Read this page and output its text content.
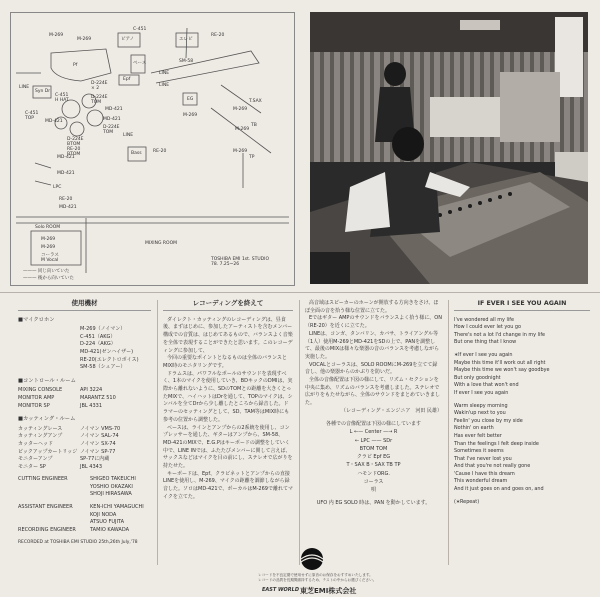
M-269
M-269	ピアノ
C-451
エレピ
RE-20
Pf	ベース
LINE
SM-58
Syn Dr
LINE
C-451
H HAT
D-224E
× 2
D-224E
TOM
MD-421
C-451
TOP
MD-421	MD-421
D-224E
TOM
D-224E
BTOM
RE-20
BTOM
Epf
LINE
EG
M-269
T.SAX
M-269
TB
M-269
LINE
Bass	RE-20	M-269
TP
MD-421
MD-421
LPC
RE-20
MD-421
Solo ROOM
M-269
M-269
コーラス
M Vocal
MIXING ROOM
——— 同じ向いていた
——— 後から向いていた
TOSHIBA EMI 1st. STUDIO
78. 7.25~26
使用機材
■マイクロホン
M-269（ノイマン）
C-451（AKG）
D-224（AKG）
MD-421(ゼンハイザー)
RE-20(エレクトロボイス)
SM-58（シュアー）
■コントロール・ルーム
MIXING CONSOLE	API 3224
MONITOR AMP	MARANTZ 510
MONITOR SP	JBL 4331
■カッティング・ルーム
カッティングレース	ノイマン VMS-70
カッティングアンプ	ノイマン SAL-74
カッターヘッド	ノイマン SX-74
ピックアップカートリッジ ノイマン SP-77
モニターアンプ	SP-77に内蔵
モニター SP	JBL 4343
CUTTING ENGINEER	SHIGEO TAKEUCHI
YOSHIO OKAZAKI
SHOJI HIRASAWA
ASSISTANT ENGINEER	KEN-ICHI YAMAGUCHI
KOJI NODA
ATSUO FUJITA
RECORDING ENGINEER	TAMIO KAWADA
RECORDED at TOSHIBA EMI STUDIO 25th,26th July,'78
レコーディングを終えて
ダイレクト・カッティングのレコーディングは、昼食後、まずはじめに、参加したアーティストを含むメンバー構成での音質は、はじめてあるもので、バランスよく音楽を全体で表現することができたと思います。このレコーディングに参加して、
今回の重要なポイントとなるものは全体のバランスとMIX時のモニタリングです。
ドラムスは、パワフルなボールのサウンドを表現すべく、1本のマイクを使用していき、BDキックのDMIは、実際から離れないように、SDのTOMとの距離を大きくとったMIXで、ハイハットはDrを通して、TOPのマイクは、シンバルを全てDrから少し離したところから録音した。ドラマーのセッティングとして、SD、TAM等はMIX時にも参考の位置から調整した。
ベースは、ラインとアンプからの2系統を使用し、コンプレッサーを通した、ギターはアンプから、SM-58、MD-421のMIXで、E.G.Pはキーボードの調整をしていく中で、LINE INでは、ふたたびメンバーに関して言えば、サックスなどはマイクを目の前にし、ステレオで広がりを持たせた。
キーボードは、Epf、クラビネットとアンプからの直接LINEを使用し、M-269、マイクの距離を調節しながら録音した。ソロはMD-421で、ボーカルはM-269で離れてマイクを立てた。
高音域はスピーカーのホーンが開放する方向きをさけ、ほぼ全面の音を拾う様な位置に立てた。
Eではギター AMPのサウンドをバランスよく拾う様に、ON（RE-20）を近くに立てた。
LINEは、コンガ、タンバリン、カバサ、トライアングル等（1人）使用M-269とMD-421をSDの上で、PANを調整して、最後のMIXは様々な楽器の音のバランスを考慮しながら実施した。
VOCALとコーラスは、SOLO ROOMにM-269を立てて録音し、他の楽器からのかぶりを防いだ。
全体の音像配置は下図の様にして、リズム・セクションを中央に集め、リズムのバランスを考慮しました。ステレオで広がりをもたせながら、全体のサウンドをまとめていきました。
（レコーディング・エンジニア　河田 民雄）
各種での音像配置は下図の様にしています
L ←— Center —→ R
← LPC —— SDr
BTOM TOM
クラビ Epf EG
T・SAX B・SAX TB TP
ハモンドORG.
コーラス
唄
UFO 内 EG SOLO 時は、PAN を動かしています。
IF EVER I SEE YOU AGAIN

I've wondered all my life

How I could ever let you go

There's not a lot I'd change in my life

But one thing that I know

∗If ever I see you again

Maybe this time it'll work out all right

Maybe this time we won't say goodbye

But only goodnight

With a love that won't end

If ever I see you again

Warm sleepy morning

Wakin'up next to you

Feelin' you close by my side

Nothin' on earth

Has ever felt better

Than the feelings I felt deep inside

Sometimes it seems

That I've never lost you

And that you're not really gone

'Cause I have this dream

This wonderful dream

And it just goes on and goes on, and

(∗Repeat)

レコードを不良定期で使用せずに原音のお保存をおすすめいたします。
レコードの品質を長期間維持するため、テストの中からお選びください。
EAST WORLD 東芝EMI株式会社
